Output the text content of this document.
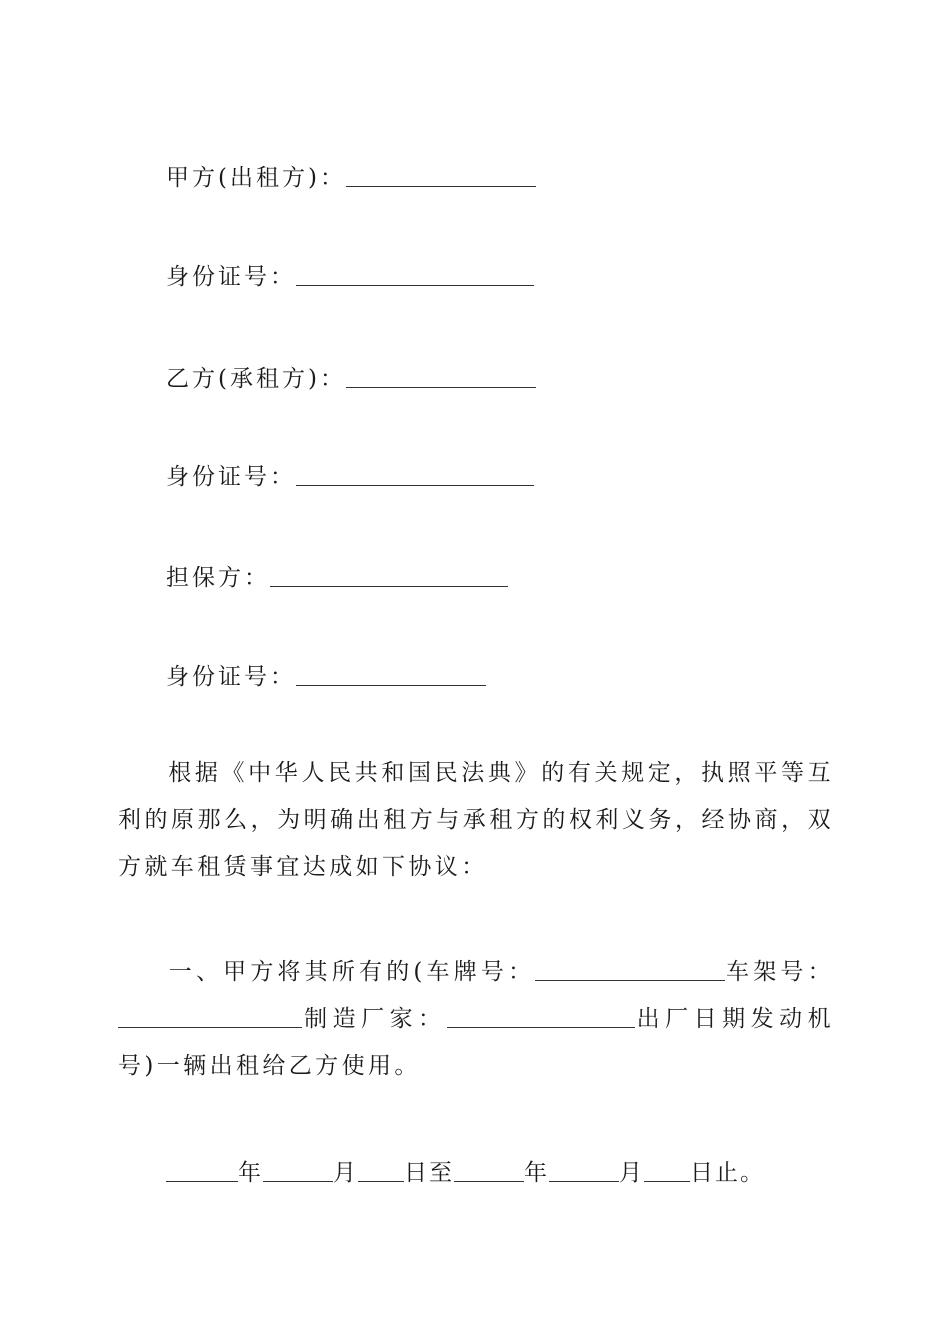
甲方(出租方)：
身份证号：
乙方(承租方)：
身份证号：
担保方：
身份证号：
根据《中华人民共和国民法典》的有关规定，执照平等互利的原那么，为明确出租方与承租方的权利义务，经协商，双方就车租赁事宜达成如下协议：
一、甲方将其所有的(车牌号：	车架号：制造厂家：	出厂日期发动机号)一辆出租给乙方使用。
年	月 日至	年	月 日止。
